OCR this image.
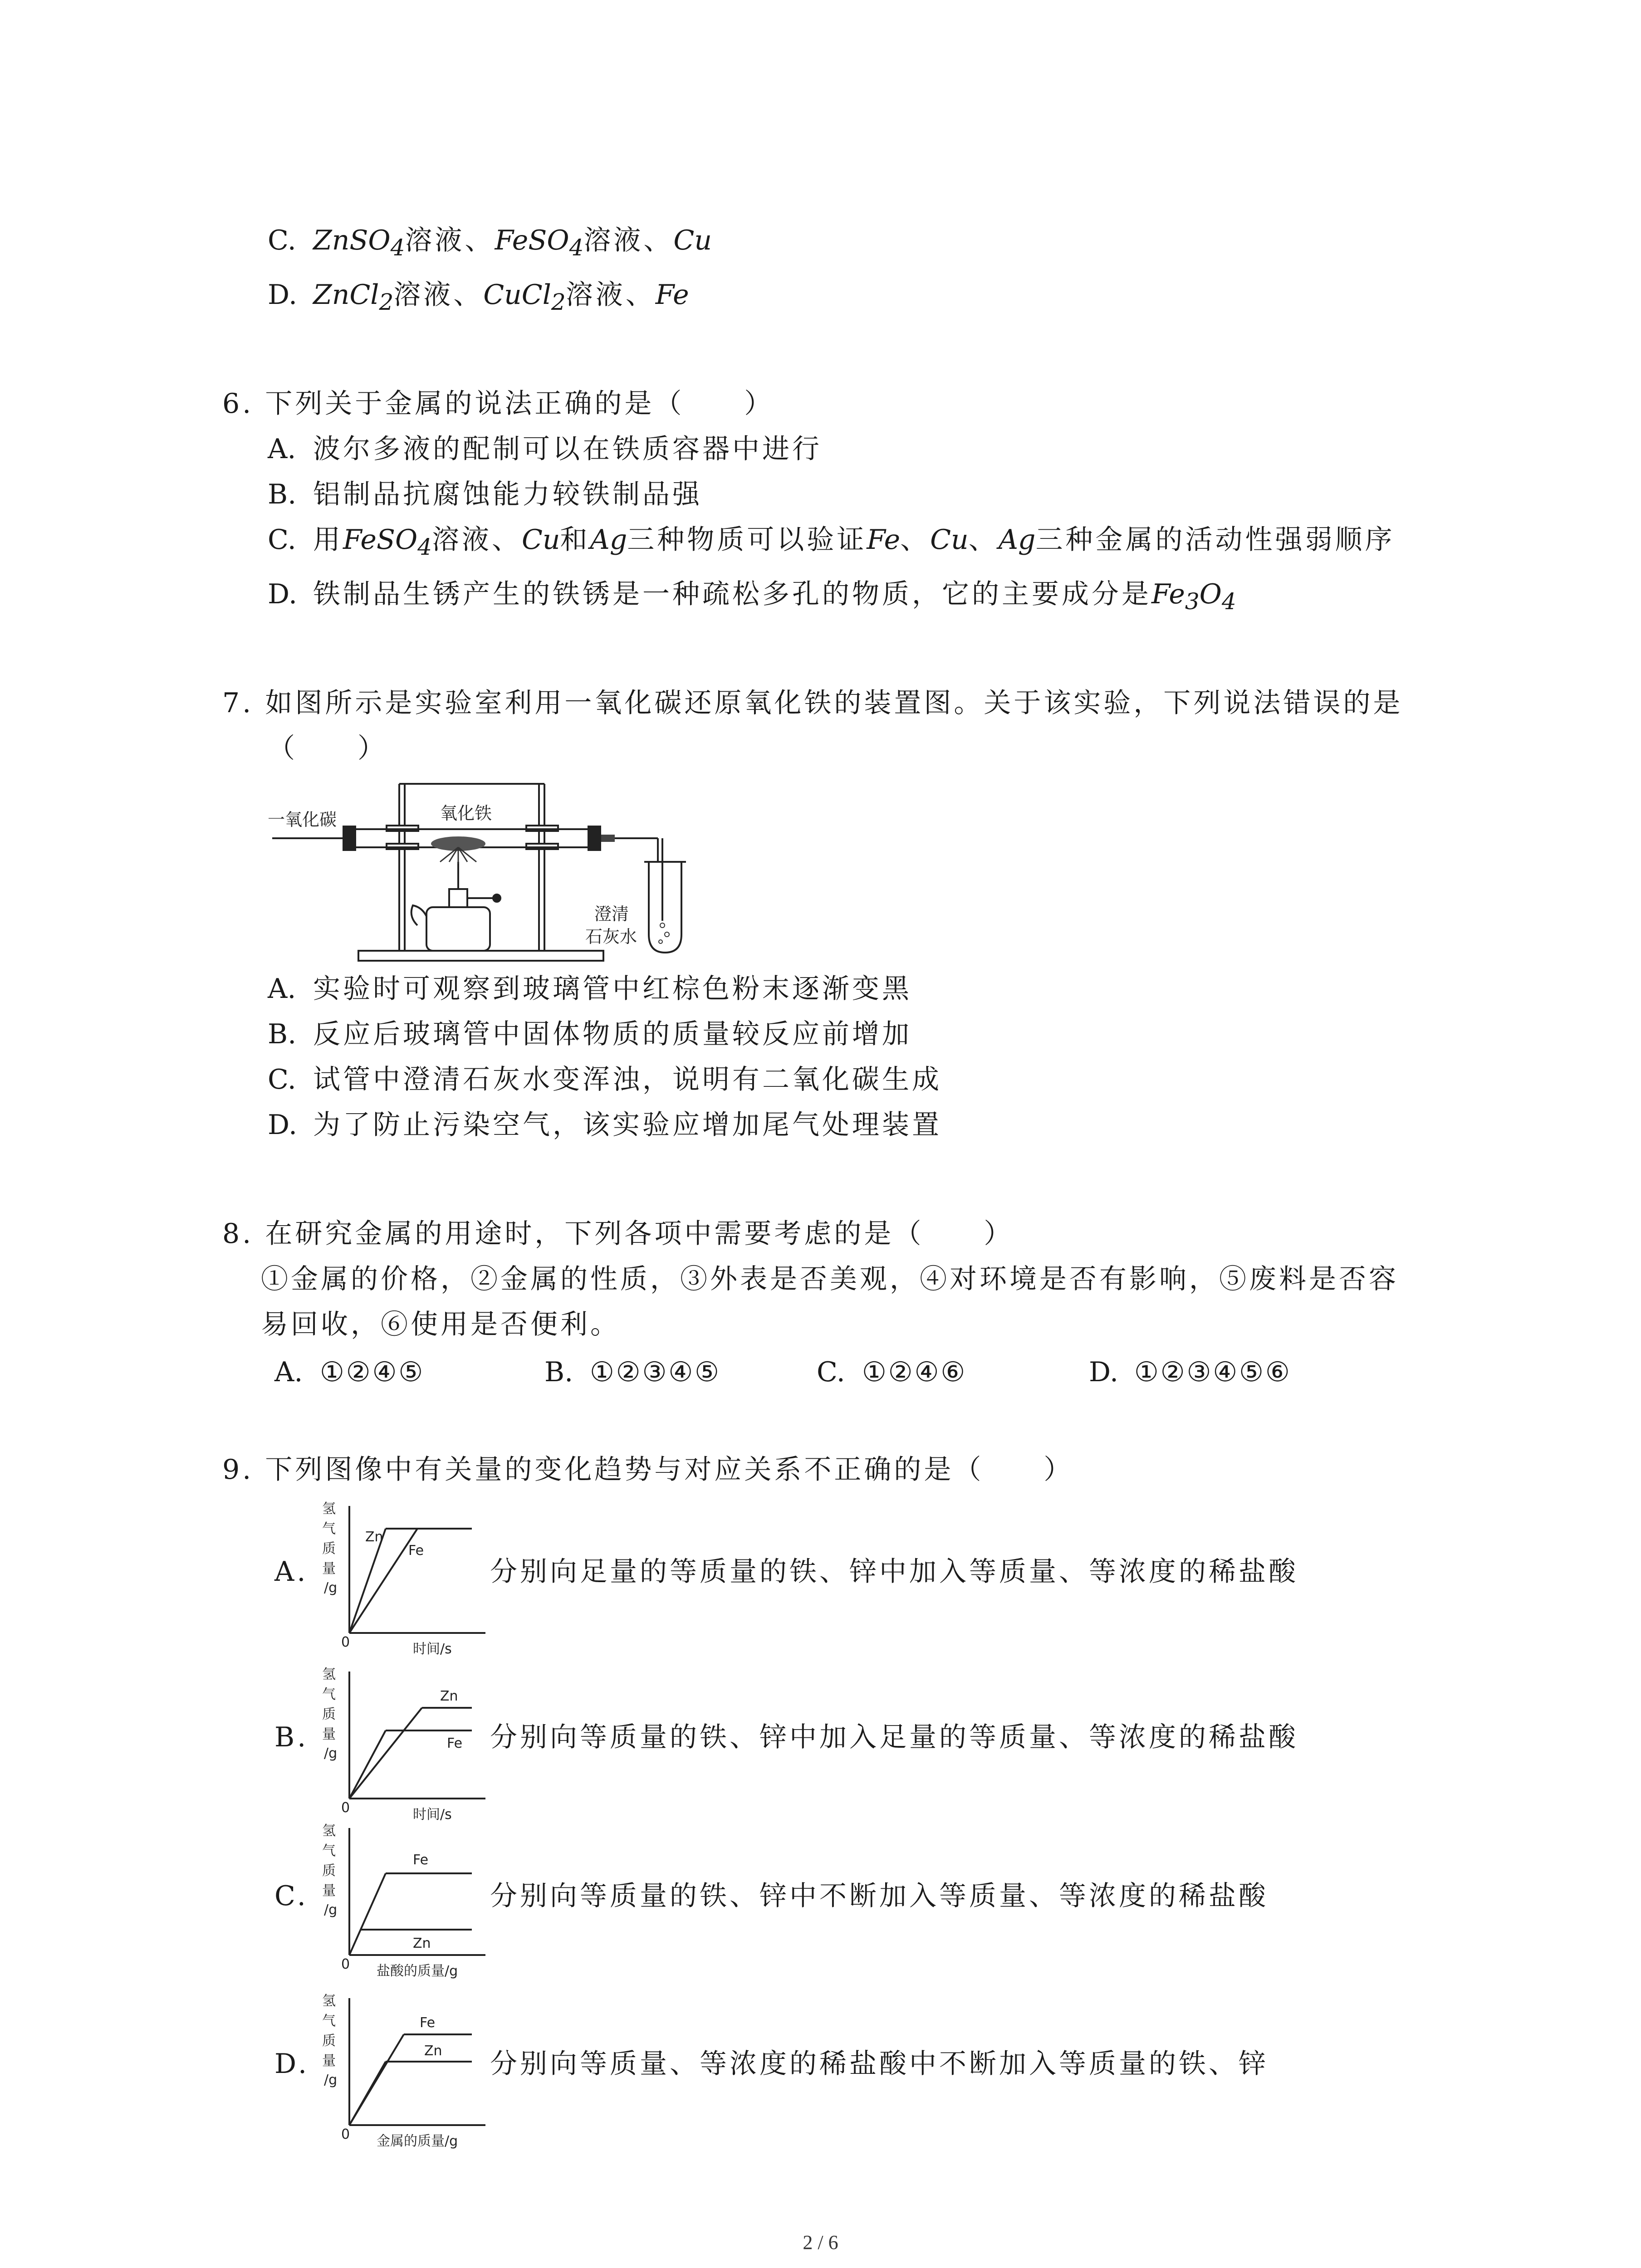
C. ZnSO$_4$溶液、FeSO$_4$溶液、Cu
D. ZnCl$_2$溶液、CuCl$_2$溶液、Fe
6. 下列关于金属的说法正确的是（　　）
A. 波尔多液的配制可以在铁质容器中进行
B. 铝制品抗腐蚀能力较铁制品强
C. 用FeSO$_4$溶液、Cu和Ag三种物质可以验证Fe、Cu、Ag三种金属的活动性强弱顺序
D. 铁制品生锈产生的铁锈是一种疏松多孔的物质，它的主要成分是$Fe_3O_4$
7. 如图所示是实验室利用一氧化碳还原氧化铁的装置图。关于该实验，下列说法错误的是
（　　）
一氧化碳	氧化铁
澄清
石灰水
A. 实验时可观察到玻璃管中红棕色粉末逐渐变黑
B. 反应后玻璃管中固体物质的质量较反应前增加
C. 试管中澄清石灰水变浑浊，说明有二氧化碳生成
D. 为了防止污染空气，该实验应增加尾气处理装置
8. 在研究金属的用途时，下列各项中需要考虑的是（　　）
①金属的价格，②金属的性质，③外表是否美观，④对环境是否有影响，⑤废料是否容
易回收，⑥使用是否便利。
A. ①②④⑤	B. ①②③④⑤	C. ①②④⑥	D. ①②③④⑤⑥
9. 下列图像中有关量的变化趋势与对应关系不正确的是（　　）
A.
氢
气
质
量
/g
0
Zn
Fe
时间/s
分别向足量的等质量的铁、锌中加入等质量、等浓度的稀盐酸
B.
氢
气
质
量
/g
0
Zn
Fe
时间/s
分别向等质量的铁、锌中加入足量的等质量、等浓度的稀盐酸
C.
氢
气
质
量
/g
0
Fe
Zn
盐酸的质量/g
分别向等质量的铁、锌中不断加入等质量、等浓度的稀盐酸
D.
氢
气
质
量
/g
0
Fe
Zn
金属的质量/g
分别向等质量、等浓度的稀盐酸中不断加入等质量的铁、锌
2 / 6
